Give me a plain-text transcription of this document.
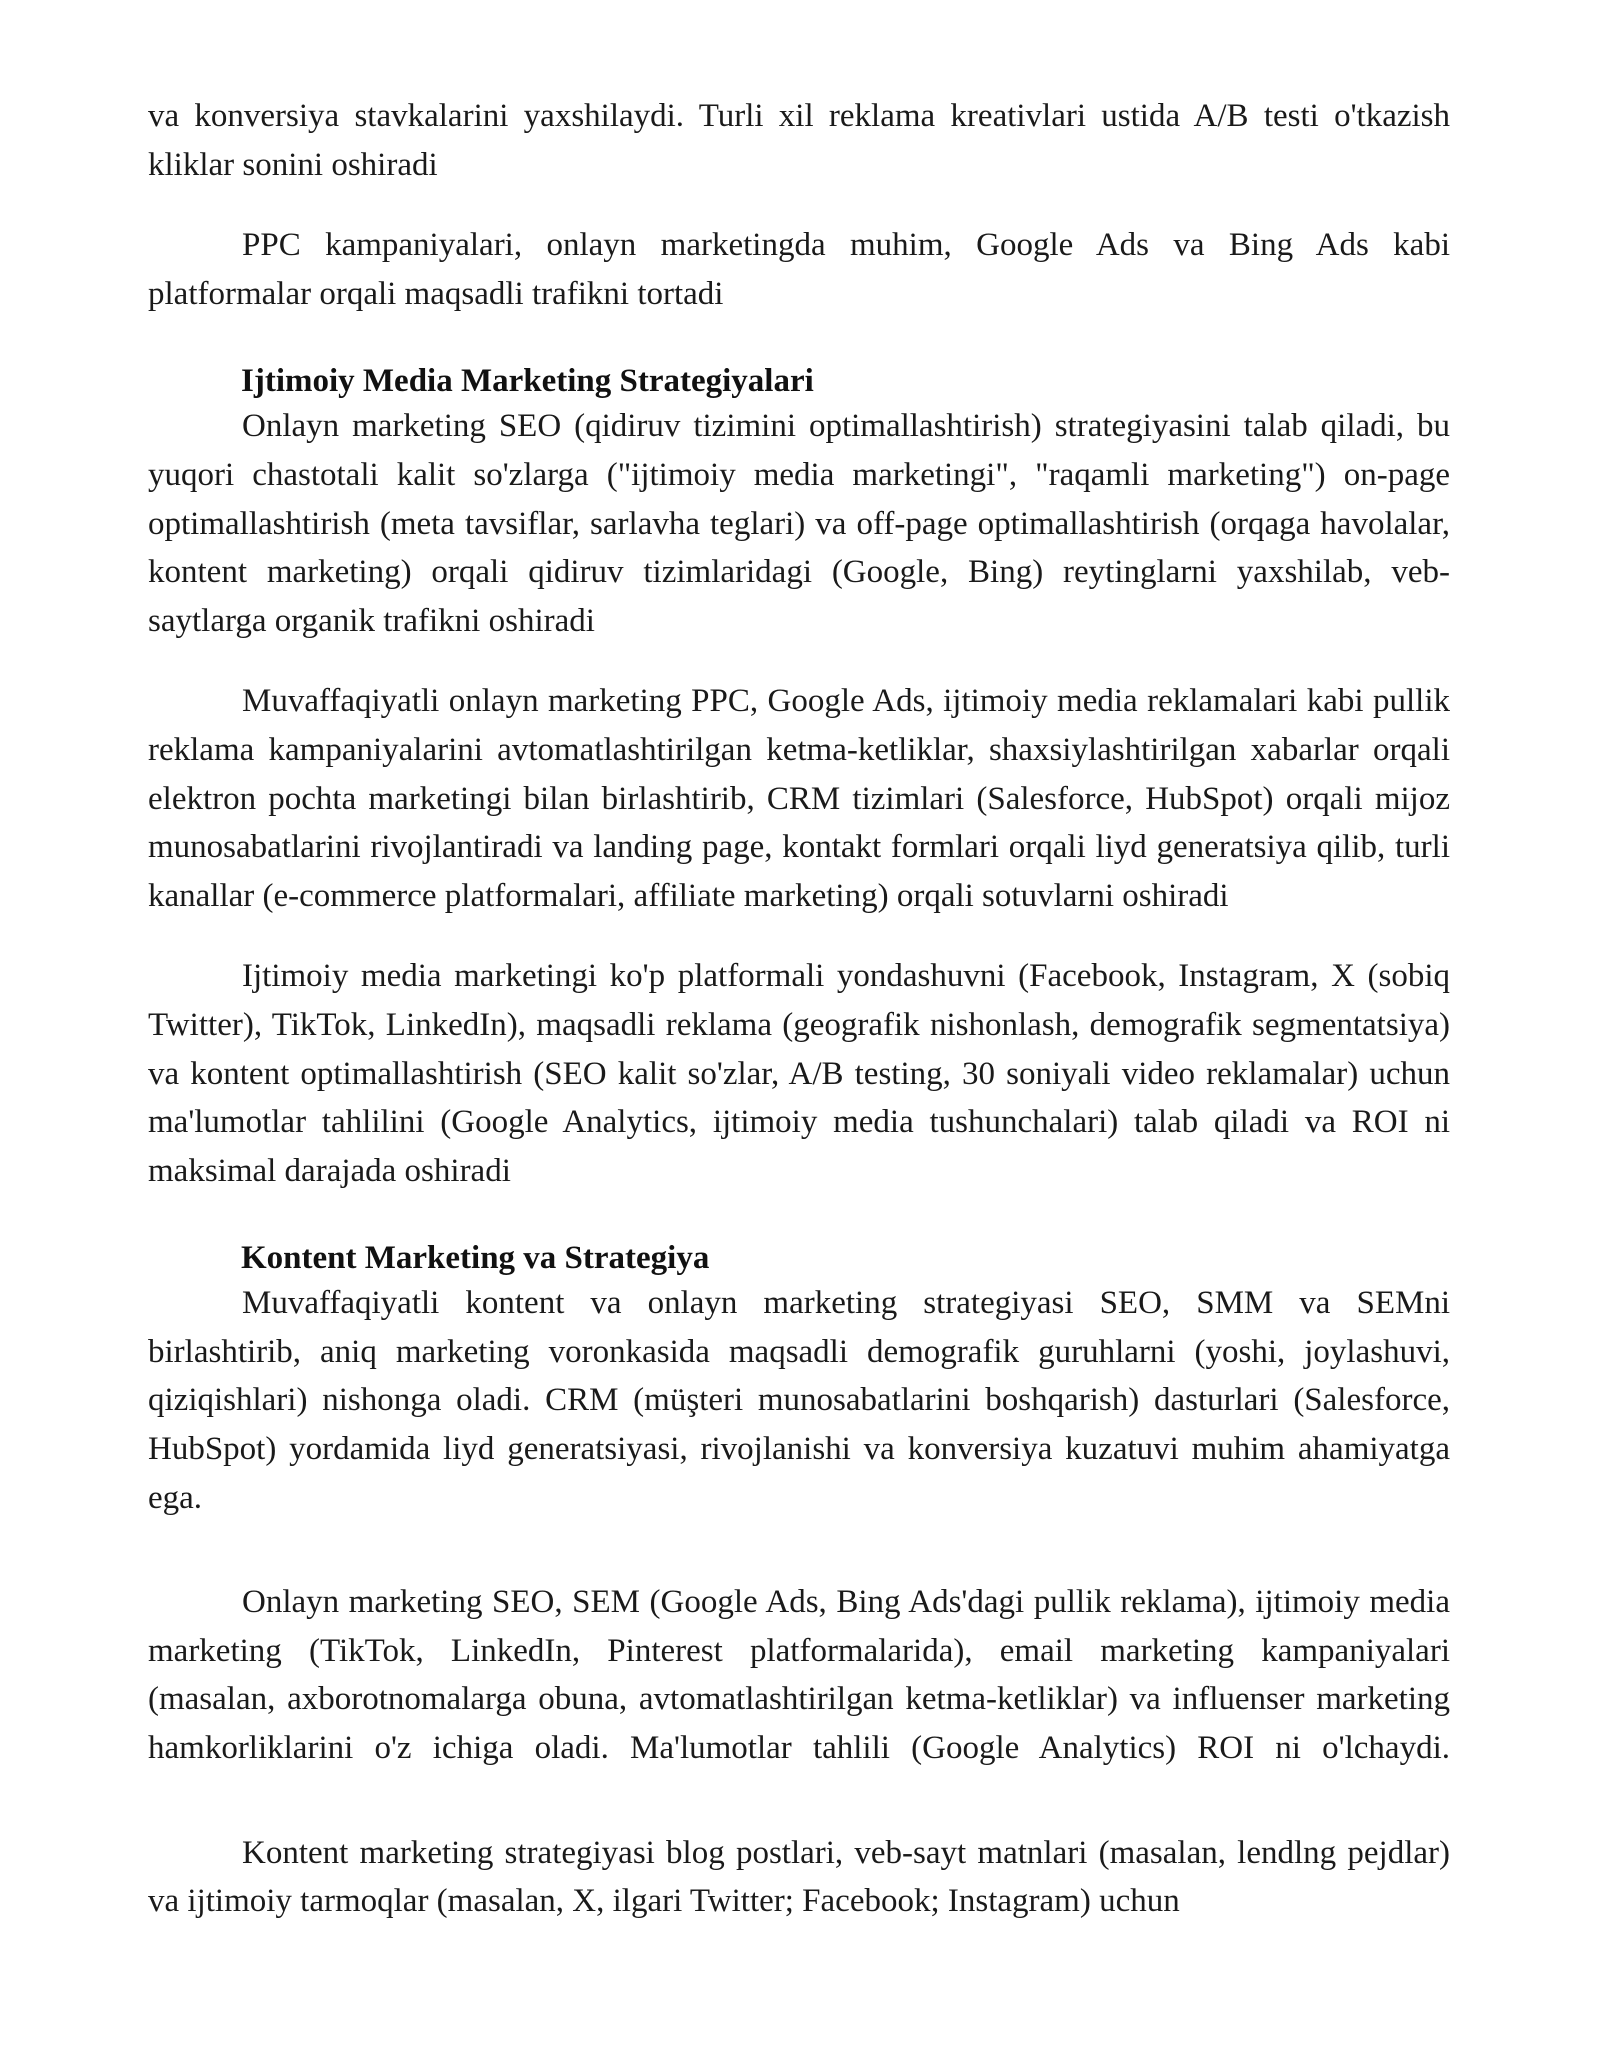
va konversiya stavkalarini yaxshilaydi. Turli xil reklama kreativlari ustida A/B testi o'tkazish kliklar sonini oshiradi

PPC kampaniyalari, onlayn marketingda muhim, Google Ads va Bing Ads kabi platformalar orqali maqsadli trafikni tortadi

Ijtimoiy Media Marketing Strategiyalari

Onlayn marketing SEO (qidiruv tizimini optimallashtirish) strategiyasini talab qiladi, bu yuqori chastotali kalit so'zlarga ("ijtimoiy media marketingi", "raqamli marketing") on-page optimallashtirish (meta tavsiflar, sarlavha teglari) va off-page optimallashtirish (orqaga havolalar, kontent marketing) orqali qidiruv tizimlaridagi (Google, Bing) reytinglarni yaxshilab, veb-saytlarga organik trafikni oshiradi

Muvaffaqiyatli onlayn marketing PPC, Google Ads, ijtimoiy media reklamalari kabi pullik reklama kampaniyalarini avtomatlashtirilgan ketma-ketliklar, shaxsiylashtirilgan xabarlar orqali elektron pochta marketingi bilan birlashtirib, CRM tizimlari (Salesforce, HubSpot) orqali mijoz munosabatlarini rivojlantiradi va landing page, kontakt formlari orqali liyd generatsiya qilib, turli kanallar (e-commerce platformalari, affiliate marketing) orqali sotuvlarni oshiradi

Ijtimoiy media marketingi ko'p platformali yondashuvni (Facebook, Instagram, X (sobiq Twitter), TikTok, LinkedIn), maqsadli reklama (geografik nishonlash, demografik segmentatsiya) va kontent optimallashtirish (SEO kalit so'zlar, A/B testing, 30 soniyali video reklamalar) uchun ma'lumotlar tahlilini (Google Analytics, ijtimoiy media tushunchalari) talab qiladi va ROI ni maksimal darajada oshiradi

Kontent Marketing va Strategiya

Muvaffaqiyatli kontent va onlayn marketing strategiyasi SEO, SMM va SEMni birlashtirib, aniq marketing voronkasida maqsadli demografik guruhlarni (yoshi, joylashuvi, qiziqishlari) nishonga oladi. CRM (müşteri munosabatlarini boshqarish) dasturlari (Salesforce, HubSpot) yordamida liyd generatsiyasi, rivojlanishi va konversiya kuzatuvi muhim ahamiyatga ega.

Onlayn marketing SEO, SEM (Google Ads, Bing Ads'dagi pullik reklama), ijtimoiy media marketing (TikTok, LinkedIn, Pinterest platformalarida), email marketing kampaniyalari (masalan, axborotnomalarga obuna, avtomatlashtirilgan ketma-ketliklar) va influenser marketing hamkorliklarini o'z ichiga oladi. Ma'lumotlar tahlili (Google Analytics) ROI ni o'lchaydi.

Kontent marketing strategiyasi blog postlari, veb-sayt matnlari (masalan, lendlng pejdlar) va ijtimoiy tarmoqlar (masalan, X, ilgari Twitter; Facebook; Instagram) uchun
